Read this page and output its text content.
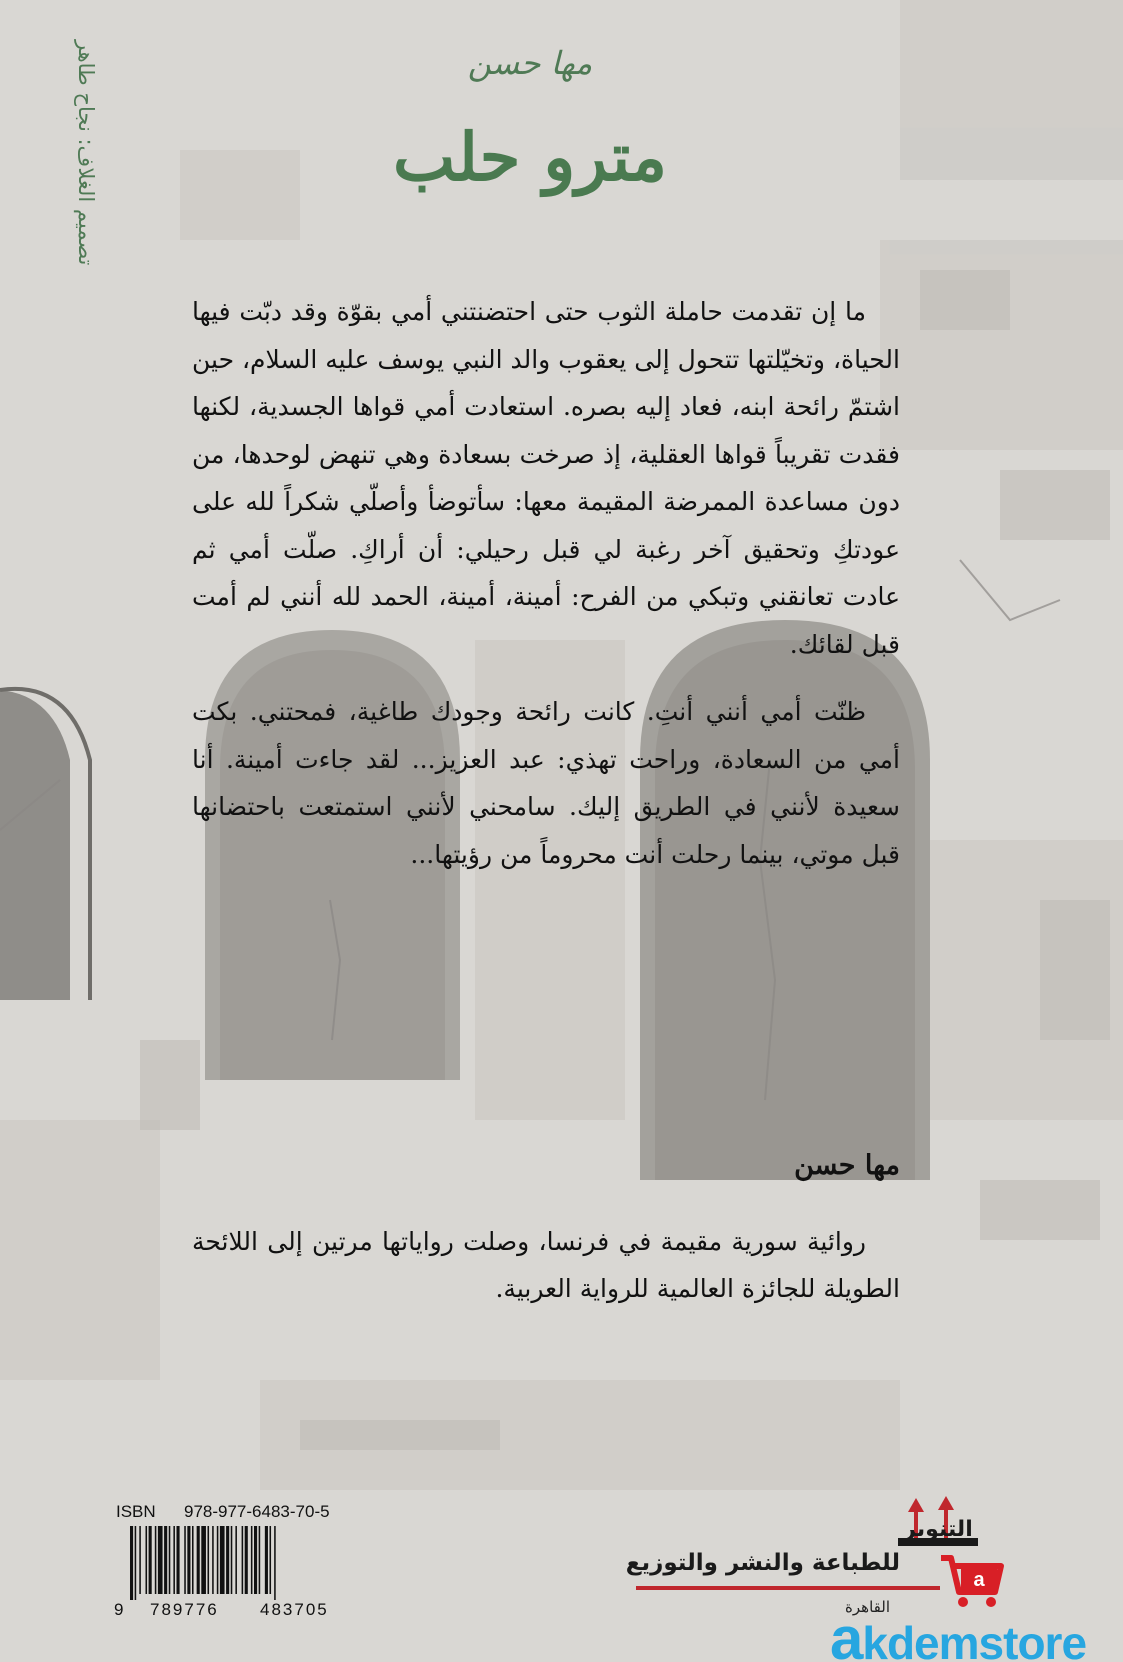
تصميم الغلاف: نجاح طاهر	مها حسن
مترو حلب

ما إن تقدمت حاملة الثوب حتى احتضنتني أمي بقوّة وقد دبّت فيها الحياة، وتخيّلتها تتحول إلى يعقوب والد النبي يوسف عليه السلام، حين اشتمّ رائحة ابنه، فعاد إليه بصره. استعادت أمي قواها الجسدية، لكنها فقدت تقريباً قواها العقلية، إذ صرخت بسعادة وهي تنهض لوحدها، من دون مساعدة الممرضة المقيمة معها: سأتوضأ وأصلّي شكراً لله على عودتكِ وتحقيق آخر رغبة لي قبل رحيلي: أن أراكِ. صلّت أمي ثم عادت تعانقني وتبكي من الفرح: أمينة، أمينة، الحمد لله أنني لم أمت قبل لقائك.

ظنّت أمي أنني أنتِ. كانت رائحة وجودك طاغية، فمحتني. بكت أمي من السعادة، وراحت تهذي: عبد العزيز... لقد جاءت أمينة. أنا سعيدة لأنني في الطريق إليك. سامحني لأنني استمتعت باحتضانها قبل موتي، بينما رحلت أنت محروماً من رؤيتها...

مها حسن

روائية سورية مقيمة في فرنسا، وصلت رواياتها مرتين إلى اللائحة الطويلة للجائزة العالمية للرواية العربية.

ISBN 978-977-6483-70-5
9 789776 483705
التنوير
للطباعة والنشر والتوزيع
القاهرة
a
akdemstore
